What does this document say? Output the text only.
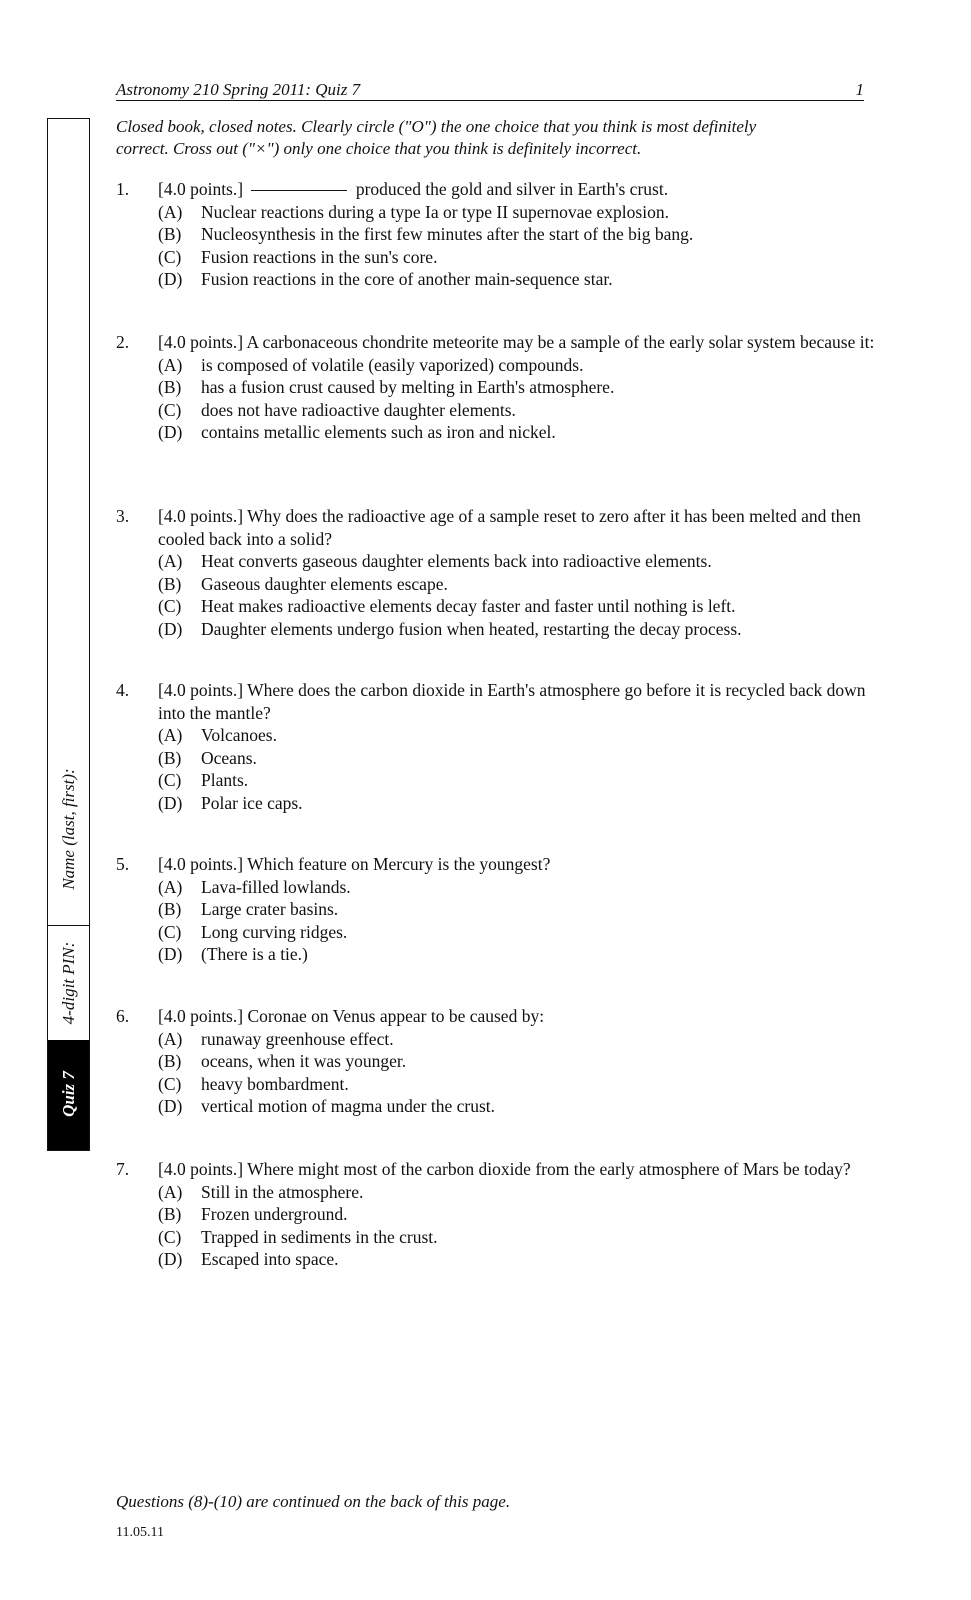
Astronomy 210 Spring 2011: Quiz 7	1
Closed book, closed notes. Clearly circle ("O") the one choice that you think is most definitely
correct. Cross out ("×") only one choice that you think is definitely incorrect.
Name (last, first):
4-digit PIN:
Quiz 7
1.	[4.0 points.]	produced the gold and silver in Earth's crust.
(A)	Nuclear reactions during a type Ia or type II supernovae explosion.
(B)	Nucleosynthesis in the first few minutes after the start of the big bang.
(C)	Fusion reactions in the sun's core.
(D)	Fusion reactions in the core of another main-sequence star.
2.	[4.0 points.] A carbonaceous chondrite meteorite may be a sample of the early solar system because it:
(A)	is composed of volatile (easily vaporized) compounds.
(B)	has a fusion crust caused by melting in Earth's atmosphere.
(C)	does not have radioactive daughter elements.
(D)	contains metallic elements such as iron and nickel.
3.	[4.0 points.] Why does the radioactive age of a sample reset to zero after it has been melted and then cooled back into a solid?
(A)	Heat converts gaseous daughter elements back into radioactive elements.
(B)	Gaseous daughter elements escape.
(C)	Heat makes radioactive elements decay faster and faster until nothing is left.
(D)	Daughter elements undergo fusion when heated, restarting the decay process.
4.	[4.0 points.] Where does the carbon dioxide in Earth's atmosphere go before it is recycled back down into the mantle?
(A)	Volcanoes.
(B)	Oceans.
(C)	Plants.
(D)	Polar ice caps.
5.	[4.0 points.] Which feature on Mercury is the youngest?
(A)	Lava-filled lowlands.
(B)	Large crater basins.
(C)	Long curving ridges.
(D)	(There is a tie.)
6.	[4.0 points.] Coronae on Venus appear to be caused by:
(A)	runaway greenhouse effect.
(B)	oceans, when it was younger.
(C)	heavy bombardment.
(D)	vertical motion of magma under the crust.
7.	[4.0 points.] Where might most of the carbon dioxide from the early atmosphere of Mars be today?
(A)	Still in the atmosphere.
(B)	Frozen underground.
(C)	Trapped in sediments in the crust.
(D)	Escaped into space.
Questions (8)-(10) are continued on the back of this page.
11.05.11
